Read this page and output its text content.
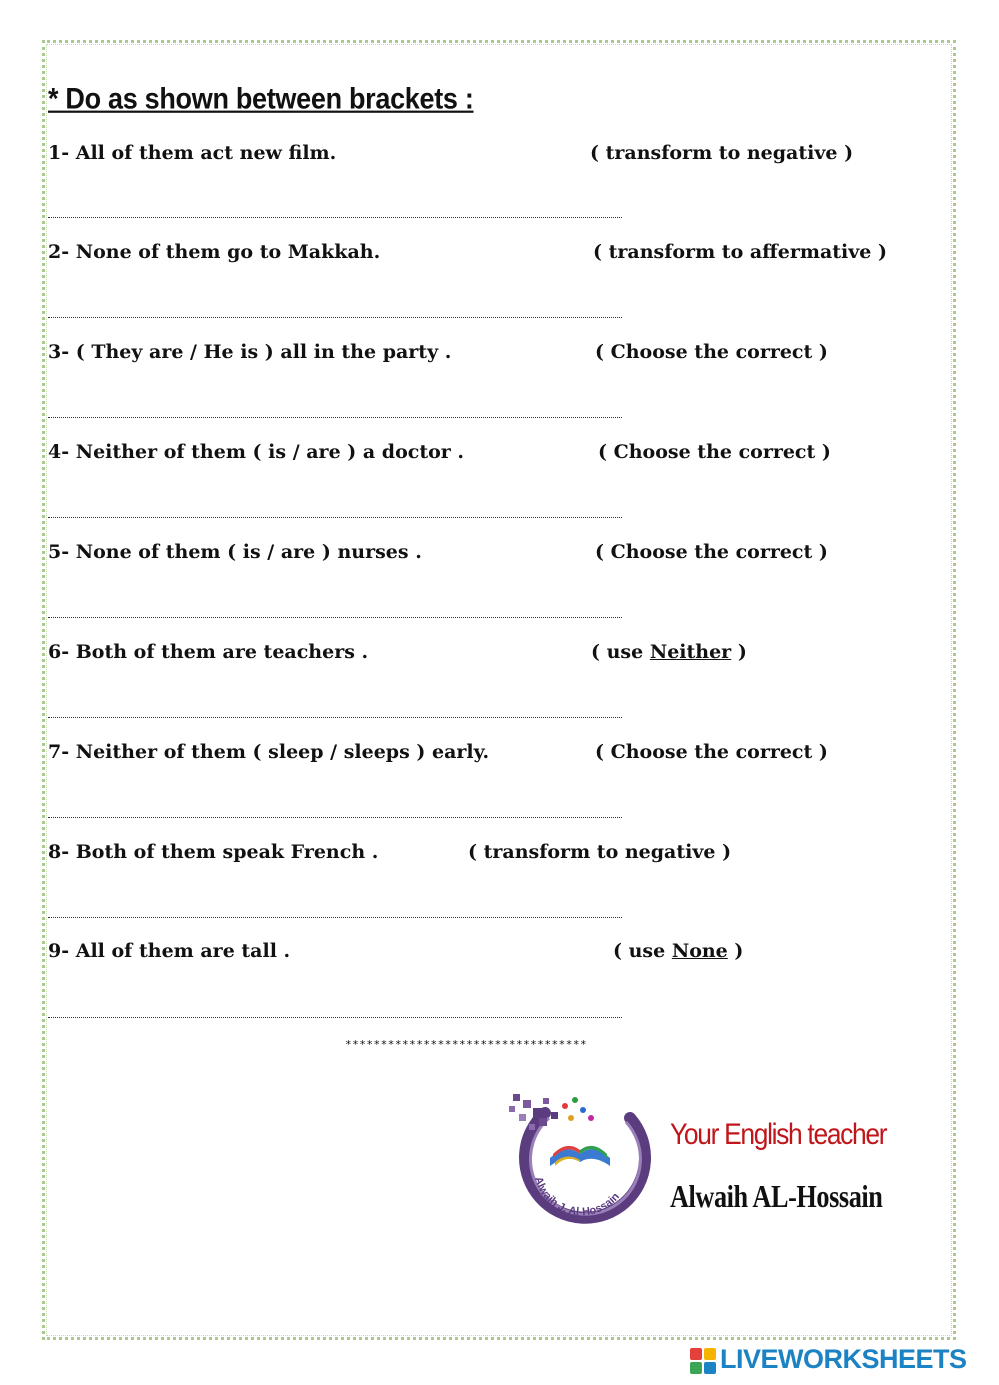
* Do as shown between brackets :
1- All of them act new film.	( transform to negative )
2- None of them go to Makkah.	( transform to affermative )
3- ( They are / He is ) all in the party .	( Choose the correct )
4- Neither of them ( is / are ) a doctor .	( Choose the correct )
5- None of them ( is / are ) nurses .	( Choose the correct )
6- Both of them are teachers .	( use Neither )
7- Neither of them ( sleep / sleeps ) early.	( Choose the correct )
8- Both of them speak French .	( transform to negative )
9- All of them are tall .	( use None )
**********************************
Alwaih J. Al-Hossain
Your English teacher
Alwaih AL-Hossain
LIVEWORKSHEETS
